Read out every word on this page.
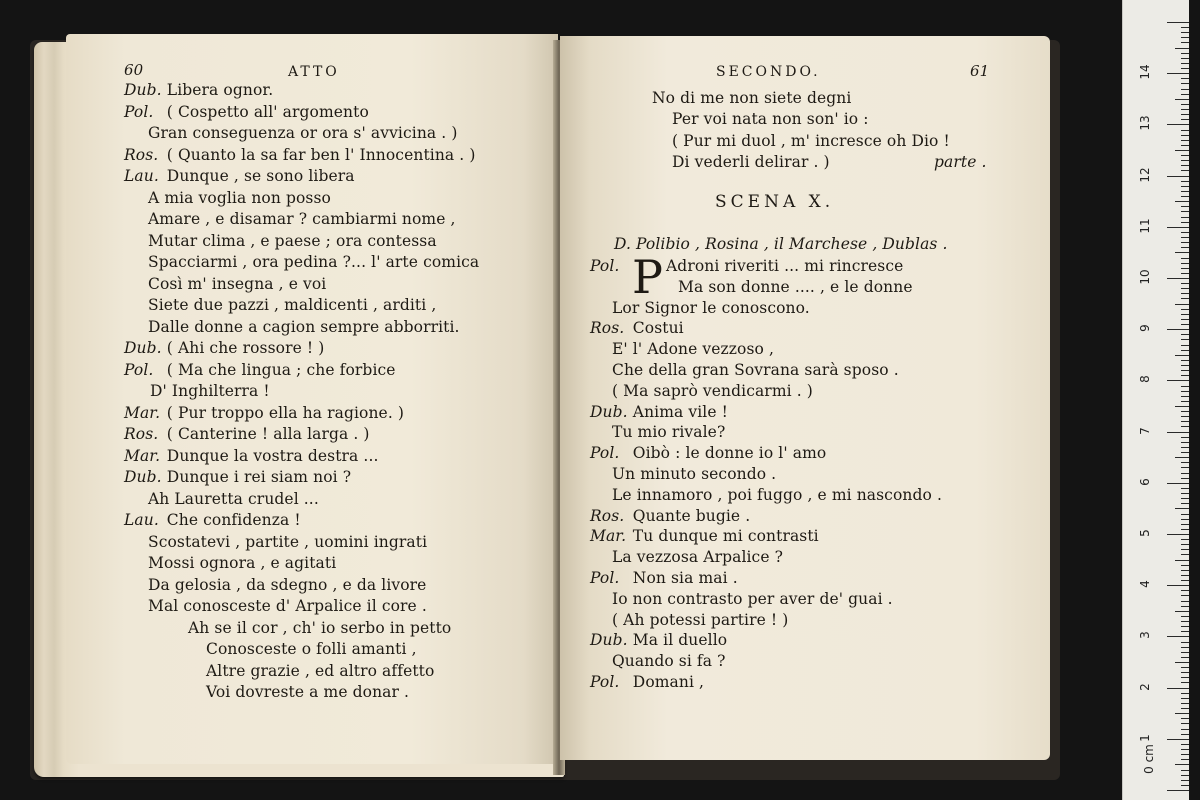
60	ATTO
Dub. Libera ognor.
Pol. ( Cospetto all' argomento
Gran conseguenza or ora s' avvicina . )
Ros. ( Quanto la sa far ben l' Innocentina . )
Lau. Dunque , se sono libera
A mia voglia non posso
Amare , e disamar ? cambiarmi nome ,
Mutar clima , e paese ; ora contessa
Spacciarmi , ora pedina ?... l' arte comica
Così m' insegna , e voi
Siete due pazzi , maldicenti , arditi ,
Dalle donne a cagion sempre abborriti.
Dub. ( Ahi che rossore ! )
Pol. ( Ma che lingua ; che forbice
D' Inghilterra !
Mar. ( Pur troppo ella ha ragione. )
Ros. ( Canterine ! alla larga . )
Mar. Dunque la vostra destra ...
Dub. Dunque i rei siam noi ?
Ah Lauretta crudel ...
Lau. Che confidenza !
Scostatevi , partite , uomini ingrati
Mossi ognora , e agitati
Da gelosia , da sdegno , e da livore
Mal conosceste d' Arpalice il core .
Ah se il cor , ch' io serbo in petto
Conosceste o folli amanti ,
Altre grazie , ed altro affetto
Voi dovreste a me donar .
SECONDO.	61
No di me non siete degni
Per voi nata non son' io :
( Pur mi duol , m' incresce oh Dio !
Di vederli delirar . )	parte .
SCENA X.
D. Polibio , Rosina , il Marchese , Dublas .
P
Pol.	Adroni riveriti ... mi rincresce
Ma son donne .... , e le donne
Lor Signor le conoscono.
Ros. Costui
E' l' Adone vezzoso ,
Che della gran Sovrana sarà sposo .
( Ma saprò vendicarmi . )
Dub. Anima vile !
Tu mio rivale?
Pol. Oibò : le donne io l' amo
Un minuto secondo .
Le innamoro , poi fuggo , e mi nascondo .
Ros. Quante bugie .
Mar. Tu dunque mi contrasti
La vezzosa Arpalice ?
Pol. Non sia mai .
Io non contrasto per aver de' guai .
( Ah potessi partire ! )
Dub. Ma il duello
Quando si fa ?
Pol. Domani ,
0 cm
1
2
3
4
5
6
7
8
9
10
11
12
13
14
